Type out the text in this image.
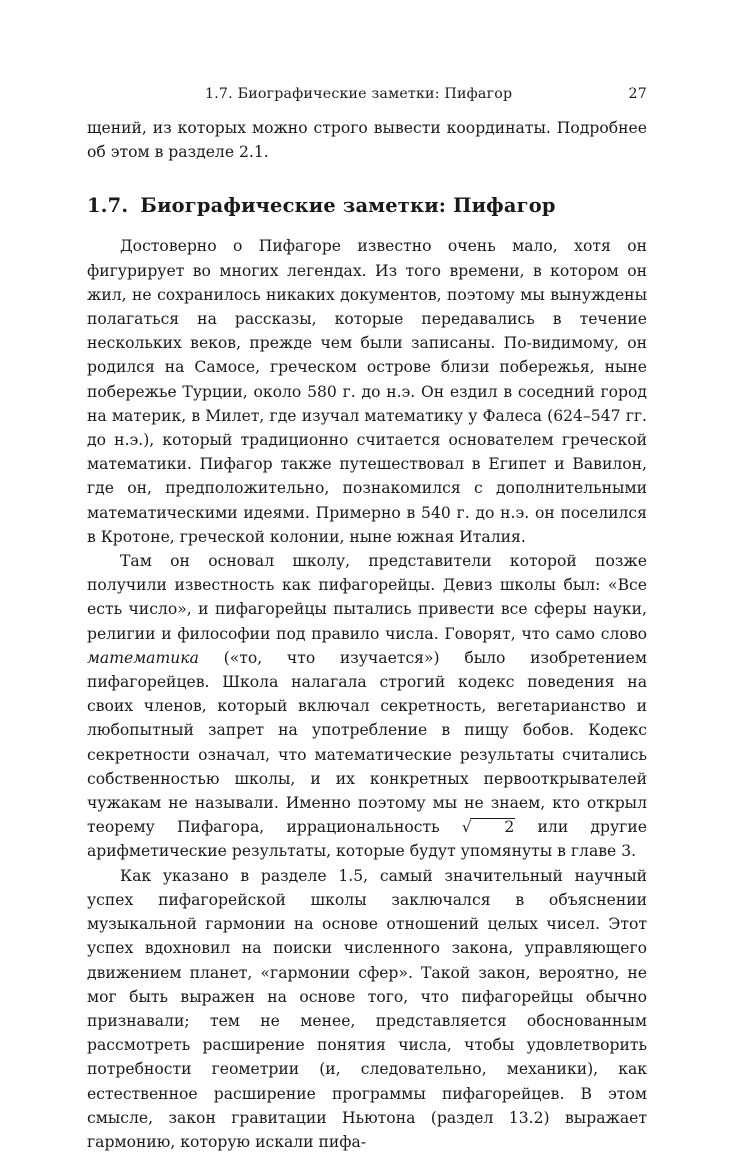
1.7. Биографические заметки: Пифагор	27

щений, из которых можно строго вывести координаты. Подробнее об этом в разделе 2.1.

1.7. Биографические заметки: Пифагор

Достоверно о Пифагоре известно очень мало, хотя он фигурирует во многих легендах. Из того времени, в котором он жил, не сохранилось никаких документов, поэтому мы вынуждены полагаться на рассказы, которые передавались в течение нескольких веков, прежде чем были записаны. По-видимому, он родился на Самосе, греческом острове близи побережья, ныне побережье Турции, около 580 г. до н.э. Он ездил в соседний город на материк, в Милет, где изучал математику у Фалеса (624–547 гг. до н.э.), который традиционно считается основателем греческой математики. Пифагор также путешествовал в Египет и Вавилон, где он, предположительно, познакомился с дополнительными математическими идеями. Примерно в 540 г. до н.э. он поселился в Кротоне, греческой колонии, ныне южная Италия.

Там он основал школу, представители которой позже получили известность как пифагорейцы. Девиз школы был: «Все есть число», и пифагорейцы пытались привести все сферы науки, религии и философии под правило числа. Говорят, что само слово математика («то, что изучается») было изобретением пифагорейцев. Школа налагала строгий кодекс поведения на своих членов, который включал секретность, вегетарианство и любопытный запрет на употребление в пищу бобов. Кодекс секретности означал, что математические результаты считались собственностью школы, и их конкретных первооткрывателей чужакам не называли. Именно поэтому мы не знаем, кто открыл теорему Пифагора, иррациональность √ 2 или другие арифметические результаты, которые будут упомянуты в главе 3.

Как указано в разделе 1.5, самый значительный научный успех пифагорейской школы заключался в объяснении музыкальной гармонии на основе отношений целых чисел. Этот успех вдохновил на поиски численного закона, управляющего движением планет, «гармонии сфер». Такой закон, вероятно, не мог быть выражен на основе того, что пифагорейцы обычно признавали; тем не менее, представляется обоснованным рассмотреть расширение понятия числа, чтобы удовлетворить потребности геометрии (и, следовательно, механики), как естественное расширение программы пифагорейцев. В этом смысле, закон гравитации Ньютона (раздел 13.2) выражает гармонию, которую искали пифа-
